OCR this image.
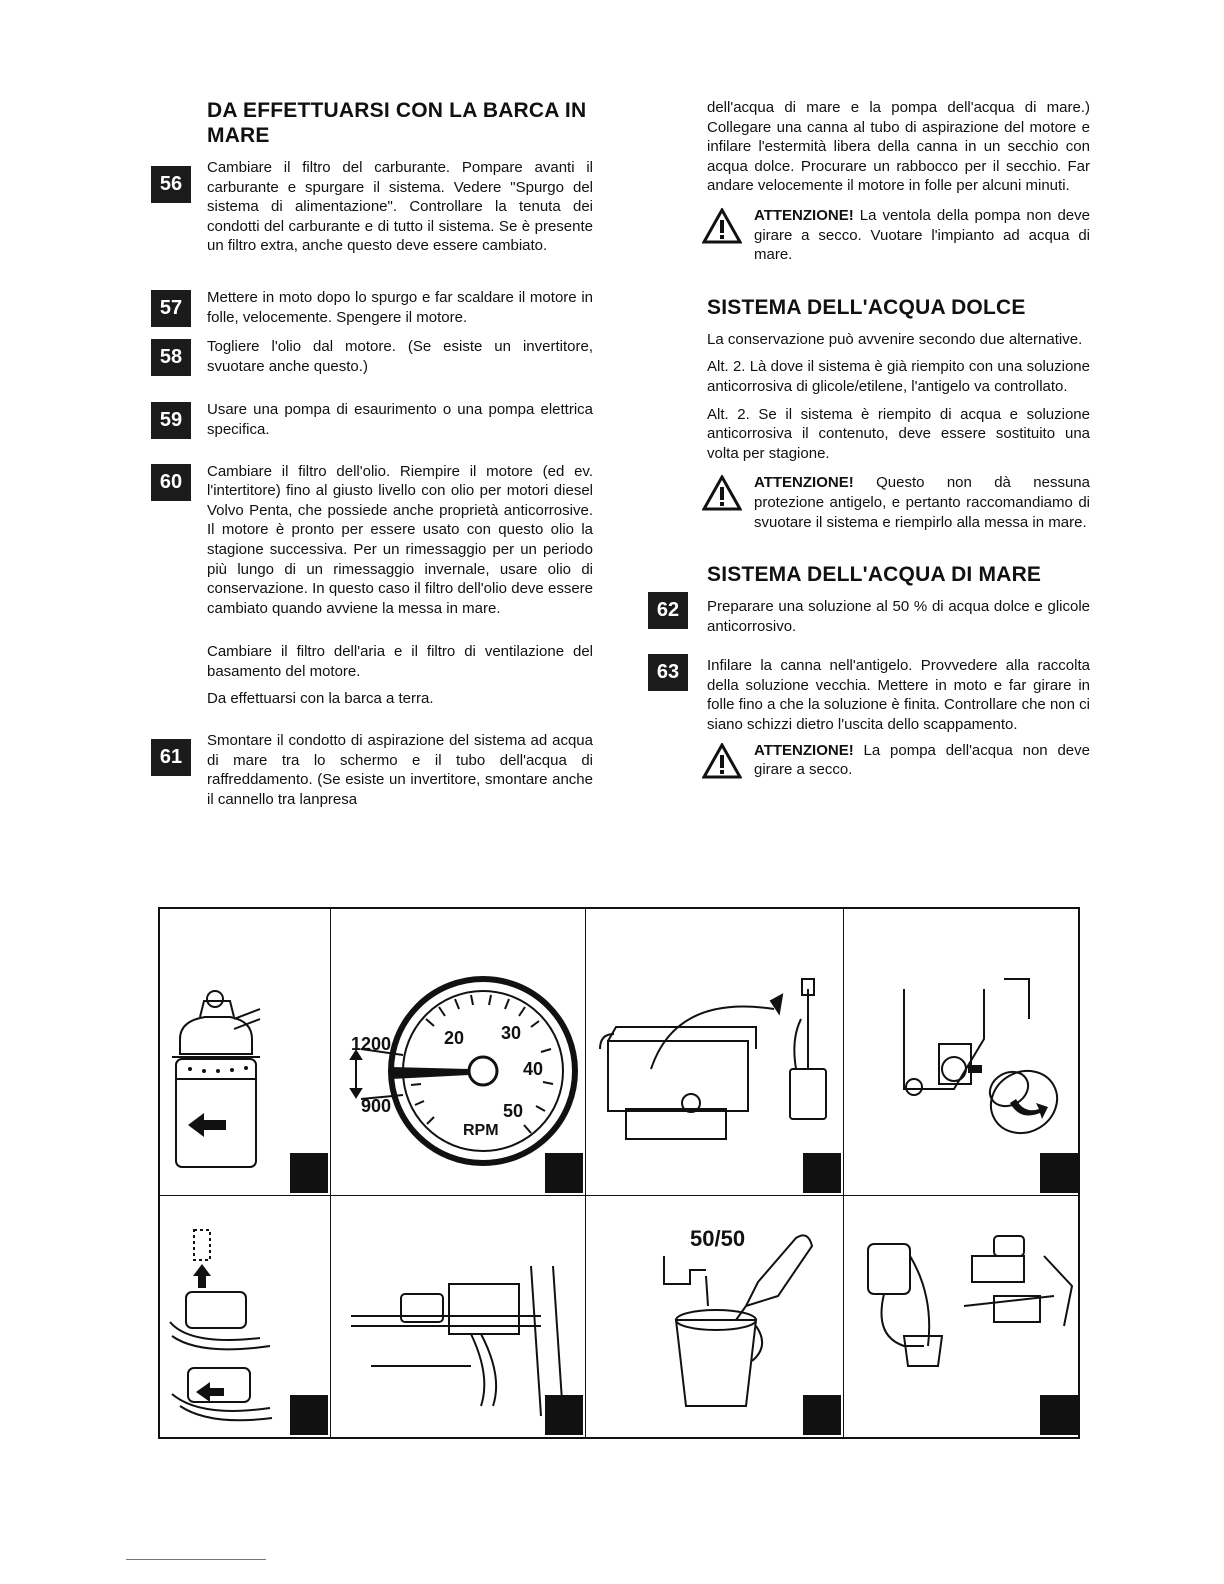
DA EFFETTUARSI CON LA BARCA IN MARE
56

Cambiare il filtro del carburante. Pompare avanti il carburante e spurgare il sistema. Vedere "Spurgo del sistema di alimentazione". Controllare la tenuta dei condotti del carburante e di tutto il sistema. Se è presente un filtro extra, anche questo deve essere cambiato.

57	Mettere in moto dopo lo spurgo e far scaldare il motore in folle, velocemente. Spengere il motore.

58	Togliere l'olio dal motore. (Se esiste un invertitore, svuotare anche questo.)

59	Usare una pompa di esaurimento o una pompa elettrica specifica.

60	Cambiare il filtro dell'olio. Riempire il motore (ed ev. l'intertitore) fino al giusto livello con olio per motori diesel Volvo Penta, che possiede anche proprietà anticorrosive. Il motore è pronto per essere usato con questo olio la stagione successiva. Per un rimessaggio per un periodo più lungo di un rimessaggio invernale, usare olio di conservazione. In questo caso il filtro dell'olio deve essere cambiato quando avviene la messa in mare.

Cambiare il filtro dell'aria e il filtro di ventilazione del basamento del motore.

Da effettuarsi con la barca a terra.

61

Smontare il condotto di aspirazione del sistema ad acqua di mare tra lo schermo e il tubo dell'acqua di raffreddamento. (Se esiste un invertitore, smontare anche il cannello tra lanpresa

dell'acqua di mare e la pompa dell'acqua di mare.) Collegare una canna al tubo di aspirazione del motore e infilare l'estermità libera della canna in un secchio con acqua dolce. Procurare un rabbocco per il secchio. Far andare velocemente il motore in folle per alcuni minuti.

ATTENZIONE! La ventola della pompa non deve girare a secco. Vuotare l'impianto ad acqua di mare.

SISTEMA DELL'ACQUA DOLCE

La conservazione può avvenire secondo due alternative.

Alt. 2. Là dove il sistema è già riempito con una soluzione anticorrosiva di glicole/etilene, l'antigelo va controllato.

Alt. 2. Se il sistema è riempito di acqua e soluzione anticorrosiva il contenuto, deve essere sostituito una volta per stagione.

ATTENZIONE! Questo non dà nessuna protezione antigelo, e pertanto raccomandiamo di svuotare il sistema e riempirlo alla messa in mare.

SISTEMA DELL'ACQUA DI MARE
62	Preparare una soluzione al 50 % di acqua dolce e glicole anticorrosivo.

63	Infilare la canna nell'antigelo. Provvedere alla raccolta della soluzione vecchia. Mettere in moto e far girare in folle fino a che la soluzione è finita. Controllare che non ci siano schizzi dietro l'uscita dello scappamento.

ATTENZIONE! La pompa dell'acqua non deve girare a secco.

20 30
40
50
RPM
1200
900
50/50
